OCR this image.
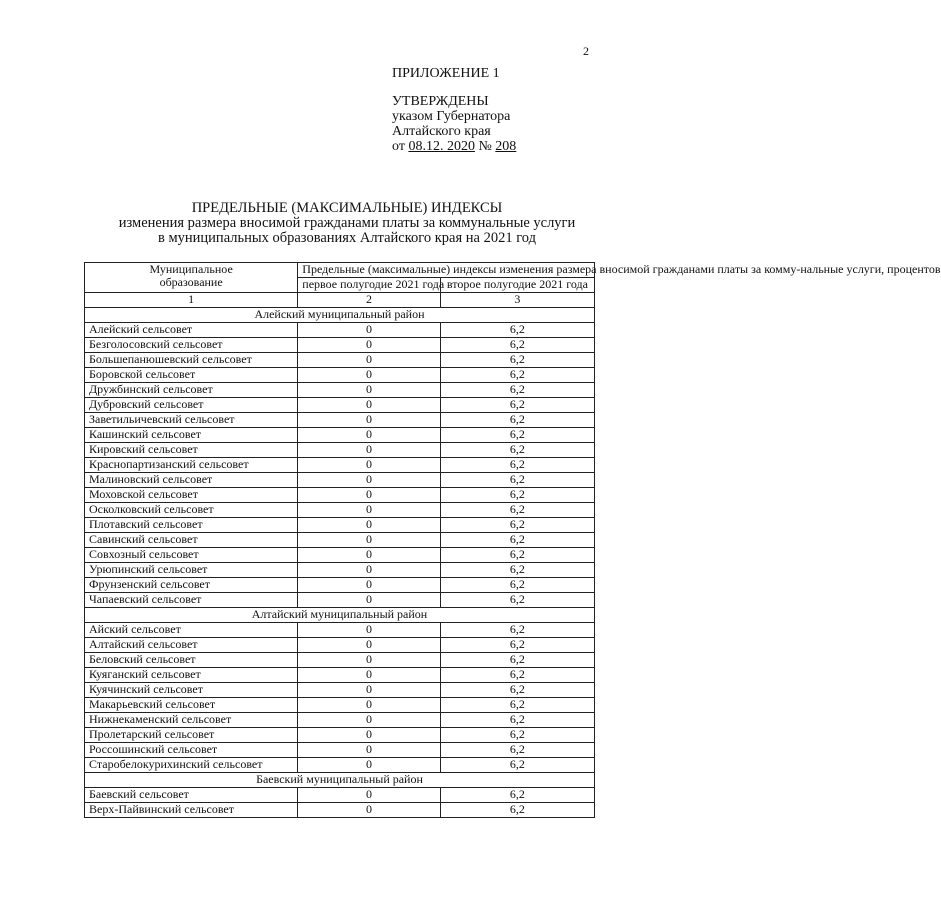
2
ПРИЛОЖЕНИЕ 1
УТВЕРЖДЕНЫ
указом Губернатора
Алтайского края
от 08.12. 2020 № 208
ПРЕДЕЛЬНЫЕ (МАКСИМАЛЬНЫЕ) ИНДЕКСЫ
изменения размера вносимой гражданами платы за коммунальные услуги
в муниципальных образованиях Алтайского края на 2021 год
Муниципальное образование	Предельные (максимальные) индексы изменения размера вносимой гражданами платы за комму-нальные услуги, процентов	
	первое полугодие 2021 года	второе полугодие 2021 года
1	2	3
Алейский муниципальный район		
Алейский сельсовет	0	6,2
Безголосовский сельсовет	0	6,2
Большепанюшевский сельсовет	0	6,2
Боровской сельсовет	0	6,2
Дружбинский сельсовет	0	6,2
Дубровский сельсовет	0	6,2
Заветильичевский сельсовет	0	6,2
Кашинский сельсовет	0	6,2
Кировский сельсовет	0	6,2
Краснопартизанский сельсовет	0	6,2
Малиновский сельсовет	0	6,2
Моховской сельсовет	0	6,2
Осколковский сельсовет	0	6,2
Плотавский сельсовет	0	6,2
Савинский сельсовет	0	6,2
Совхозный сельсовет	0	6,2
Урюпинский сельсовет	0	6,2
Фрунзенский сельсовет	0	6,2
Чапаевский сельсовет	0	6,2
Алтайский муниципальный район		
Айский сельсовет	0	6,2
Алтайский сельсовет	0	6,2
Беловский сельсовет	0	6,2
Куяганский сельсовет	0	6,2
Куячинский сельсовет	0	6,2
Макарьевский сельсовет	0	6,2
Нижнекаменский сельсовет	0	6,2
Пролетарский сельсовет	0	6,2
Россошинский сельсовет	0	6,2
Старобелокурихинский сельсовет	0	6,2
Баевский муниципальный район		
Баевский сельсовет	0	6,2
Верх-Пайвинский сельсовет	0	6,2
